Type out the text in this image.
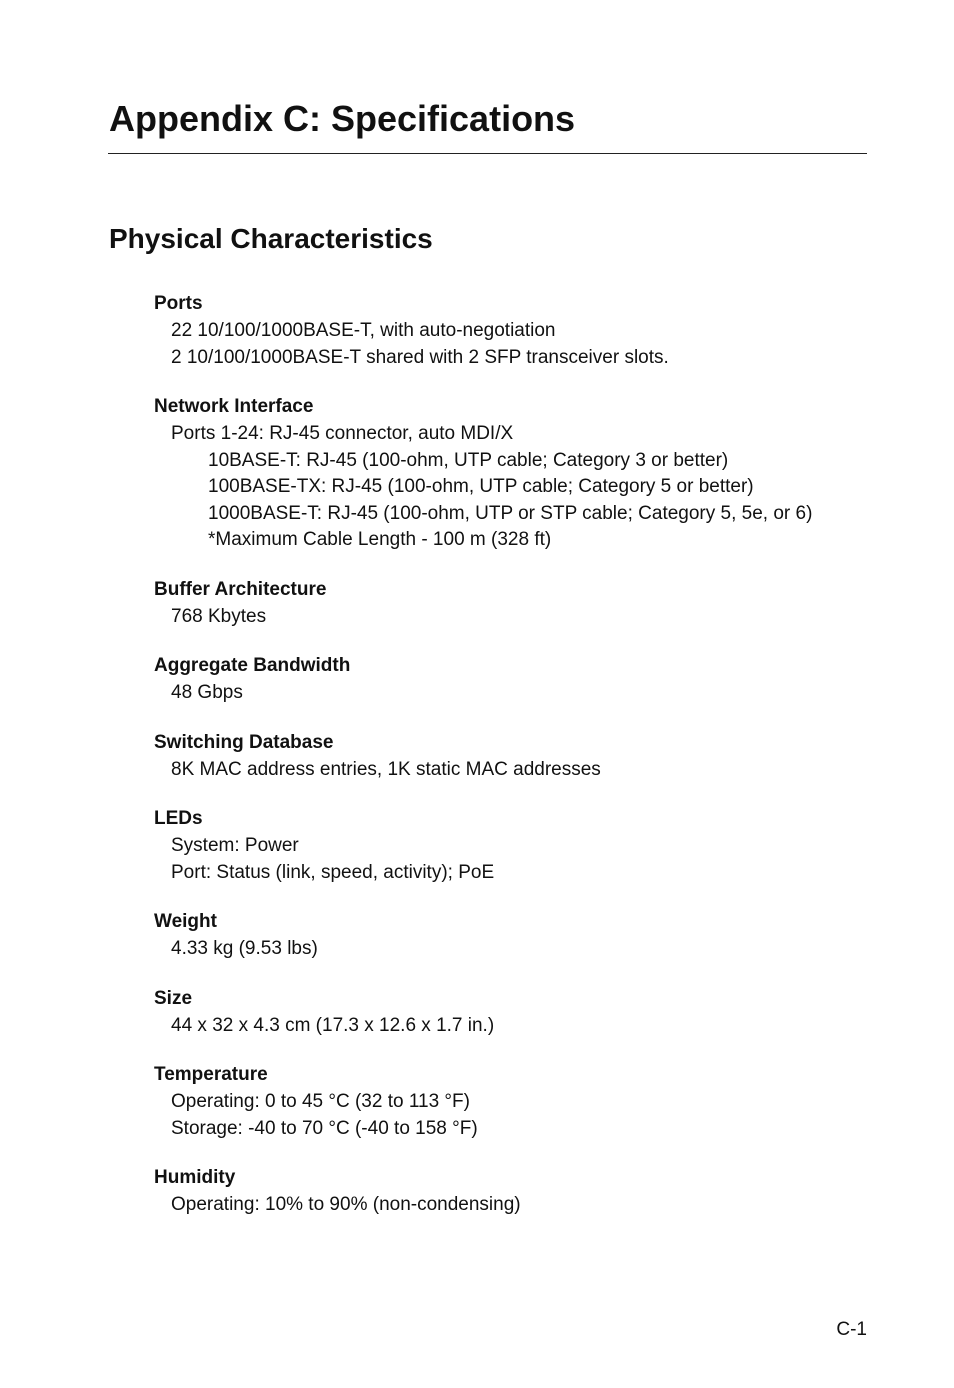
Appendix C: Specifications
Physical Characteristics
Ports
22 10/100/1000BASE-T, with auto-negotiation
2 10/100/1000BASE-T shared with 2 SFP transceiver slots.
Network Interface
Ports 1-24: RJ-45 connector, auto MDI/X
10BASE-T: RJ-45 (100-ohm, UTP cable; Category 3 or better)
100BASE-TX: RJ-45 (100-ohm, UTP cable; Category 5 or better)
1000BASE-T: RJ-45 (100-ohm, UTP or STP cable; Category 5, 5e, or 6)
*Maximum Cable Length - 100 m (328 ft)
Buffer Architecture
768 Kbytes
Aggregate Bandwidth
48 Gbps
Switching Database
8K MAC address entries, 1K static MAC addresses
LEDs
System: Power
Port: Status (link, speed, activity); PoE
Weight
4.33 kg (9.53 lbs)
Size
44 x 32 x 4.3 cm (17.3 x 12.6 x 1.7 in.)
Temperature
Operating: 0 to 45 °C (32 to 113 °F)
Storage: -40 to 70 °C (-40 to 158 °F)
Humidity
Operating: 10% to 90% (non-condensing)
C-1
